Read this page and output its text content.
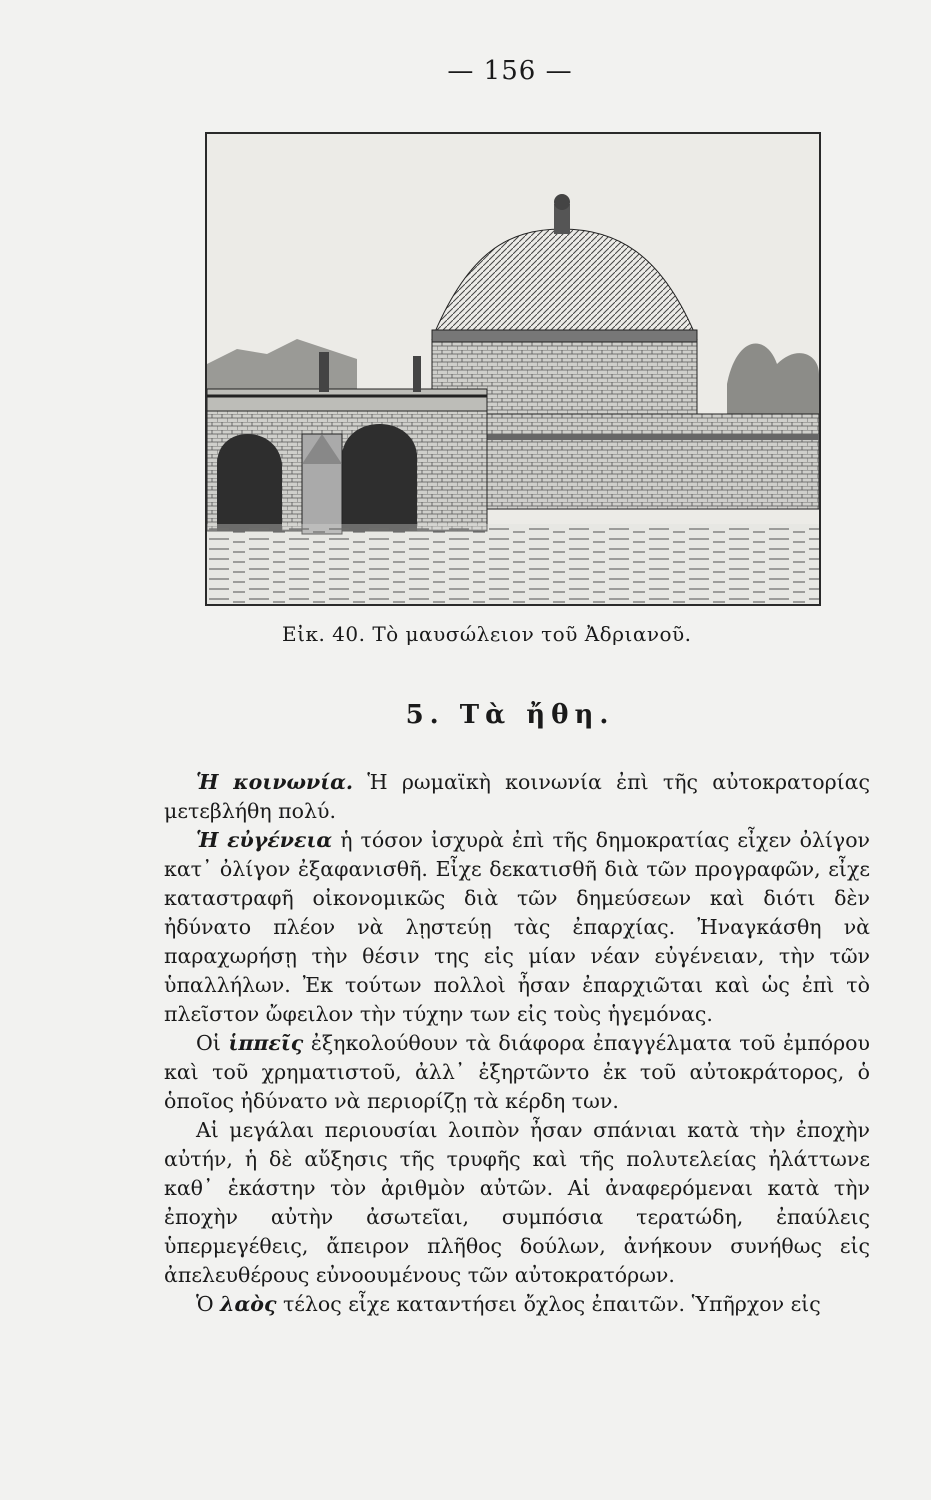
— 156 —
Εἰκ. 40. Τὸ μαυσώλειον τοῦ Ἀδριανοῦ.
5. Τὰ ἤθη.

Ἡ κοινωνία. Ἡ ρωμαϊκὴ κοινωνία ἐπὶ τῆς αὐτοκρατορίας μετεβλήθη πολύ.

Ἡ εὐγένεια ἡ τόσον ἰσχυρὰ ἐπὶ τῆς δημοκρατίας εἶχεν ὀλίγον κατ᾽ ὀλίγον ἐξαφανισθῆ. Εἶχε δεκατισθῆ διὰ τῶν προγραφῶν, εἶχε καταστραφῆ οἰκονομικῶς διὰ τῶν δημεύσεων καὶ διότι δὲν ἠδύνατο πλέον νὰ λῃστεύῃ τὰς ἐπαρχίας. Ἠναγκάσθη νὰ παραχωρήσῃ τὴν θέσιν της εἰς μίαν νέαν εὐγένειαν, τὴν τῶν ὑπαλλήλων. Ἐκ τούτων πολλοὶ ἦσαν ἐπαρχιῶται καὶ ὡς ἐπὶ τὸ πλεῖστον ὤφειλον τὴν τύχην των εἰς τοὺς ἡγεμόνας.

Οἱ ἱππεῖς ἐξηκολούθουν τὰ διάφορα ἐπαγγέλματα τοῦ ἐμπόρου καὶ τοῦ χρηματιστοῦ, ἀλλ᾽ ἐξηρτῶντο ἐκ τοῦ αὐτοκράτορος, ὁ ὁποῖος ἠδύνατο νὰ περιορίζῃ τὰ κέρδη των.

Αἱ μεγάλαι περιουσίαι λοιπὸν ἦσαν σπάνιαι κατὰ τὴν ἐποχὴν αὐτήν, ἡ δὲ αὔξησις τῆς τρυφῆς καὶ τῆς πολυτελείας ἠλάττωνε καθ᾽ ἑκάστην τὸν ἀριθμὸν αὐτῶν. Αἱ ἀναφερόμεναι κατὰ τὴν ἐποχὴν αὐτὴν ἀσωτεῖαι, συμπόσια τερατώδη, ἐπαύλεις ὑπερμεγέθεις, ἄπειρον πλῆθος δούλων, ἀνήκουν συνήθως εἰς ἀπελευθέρους εὐνοουμένους τῶν αὐτοκρατόρων.

Ὁ λαὸς τέλος εἶχε καταντήσει ὄχλος ἐπαιτῶν. Ὑπῆρχον εἰς
